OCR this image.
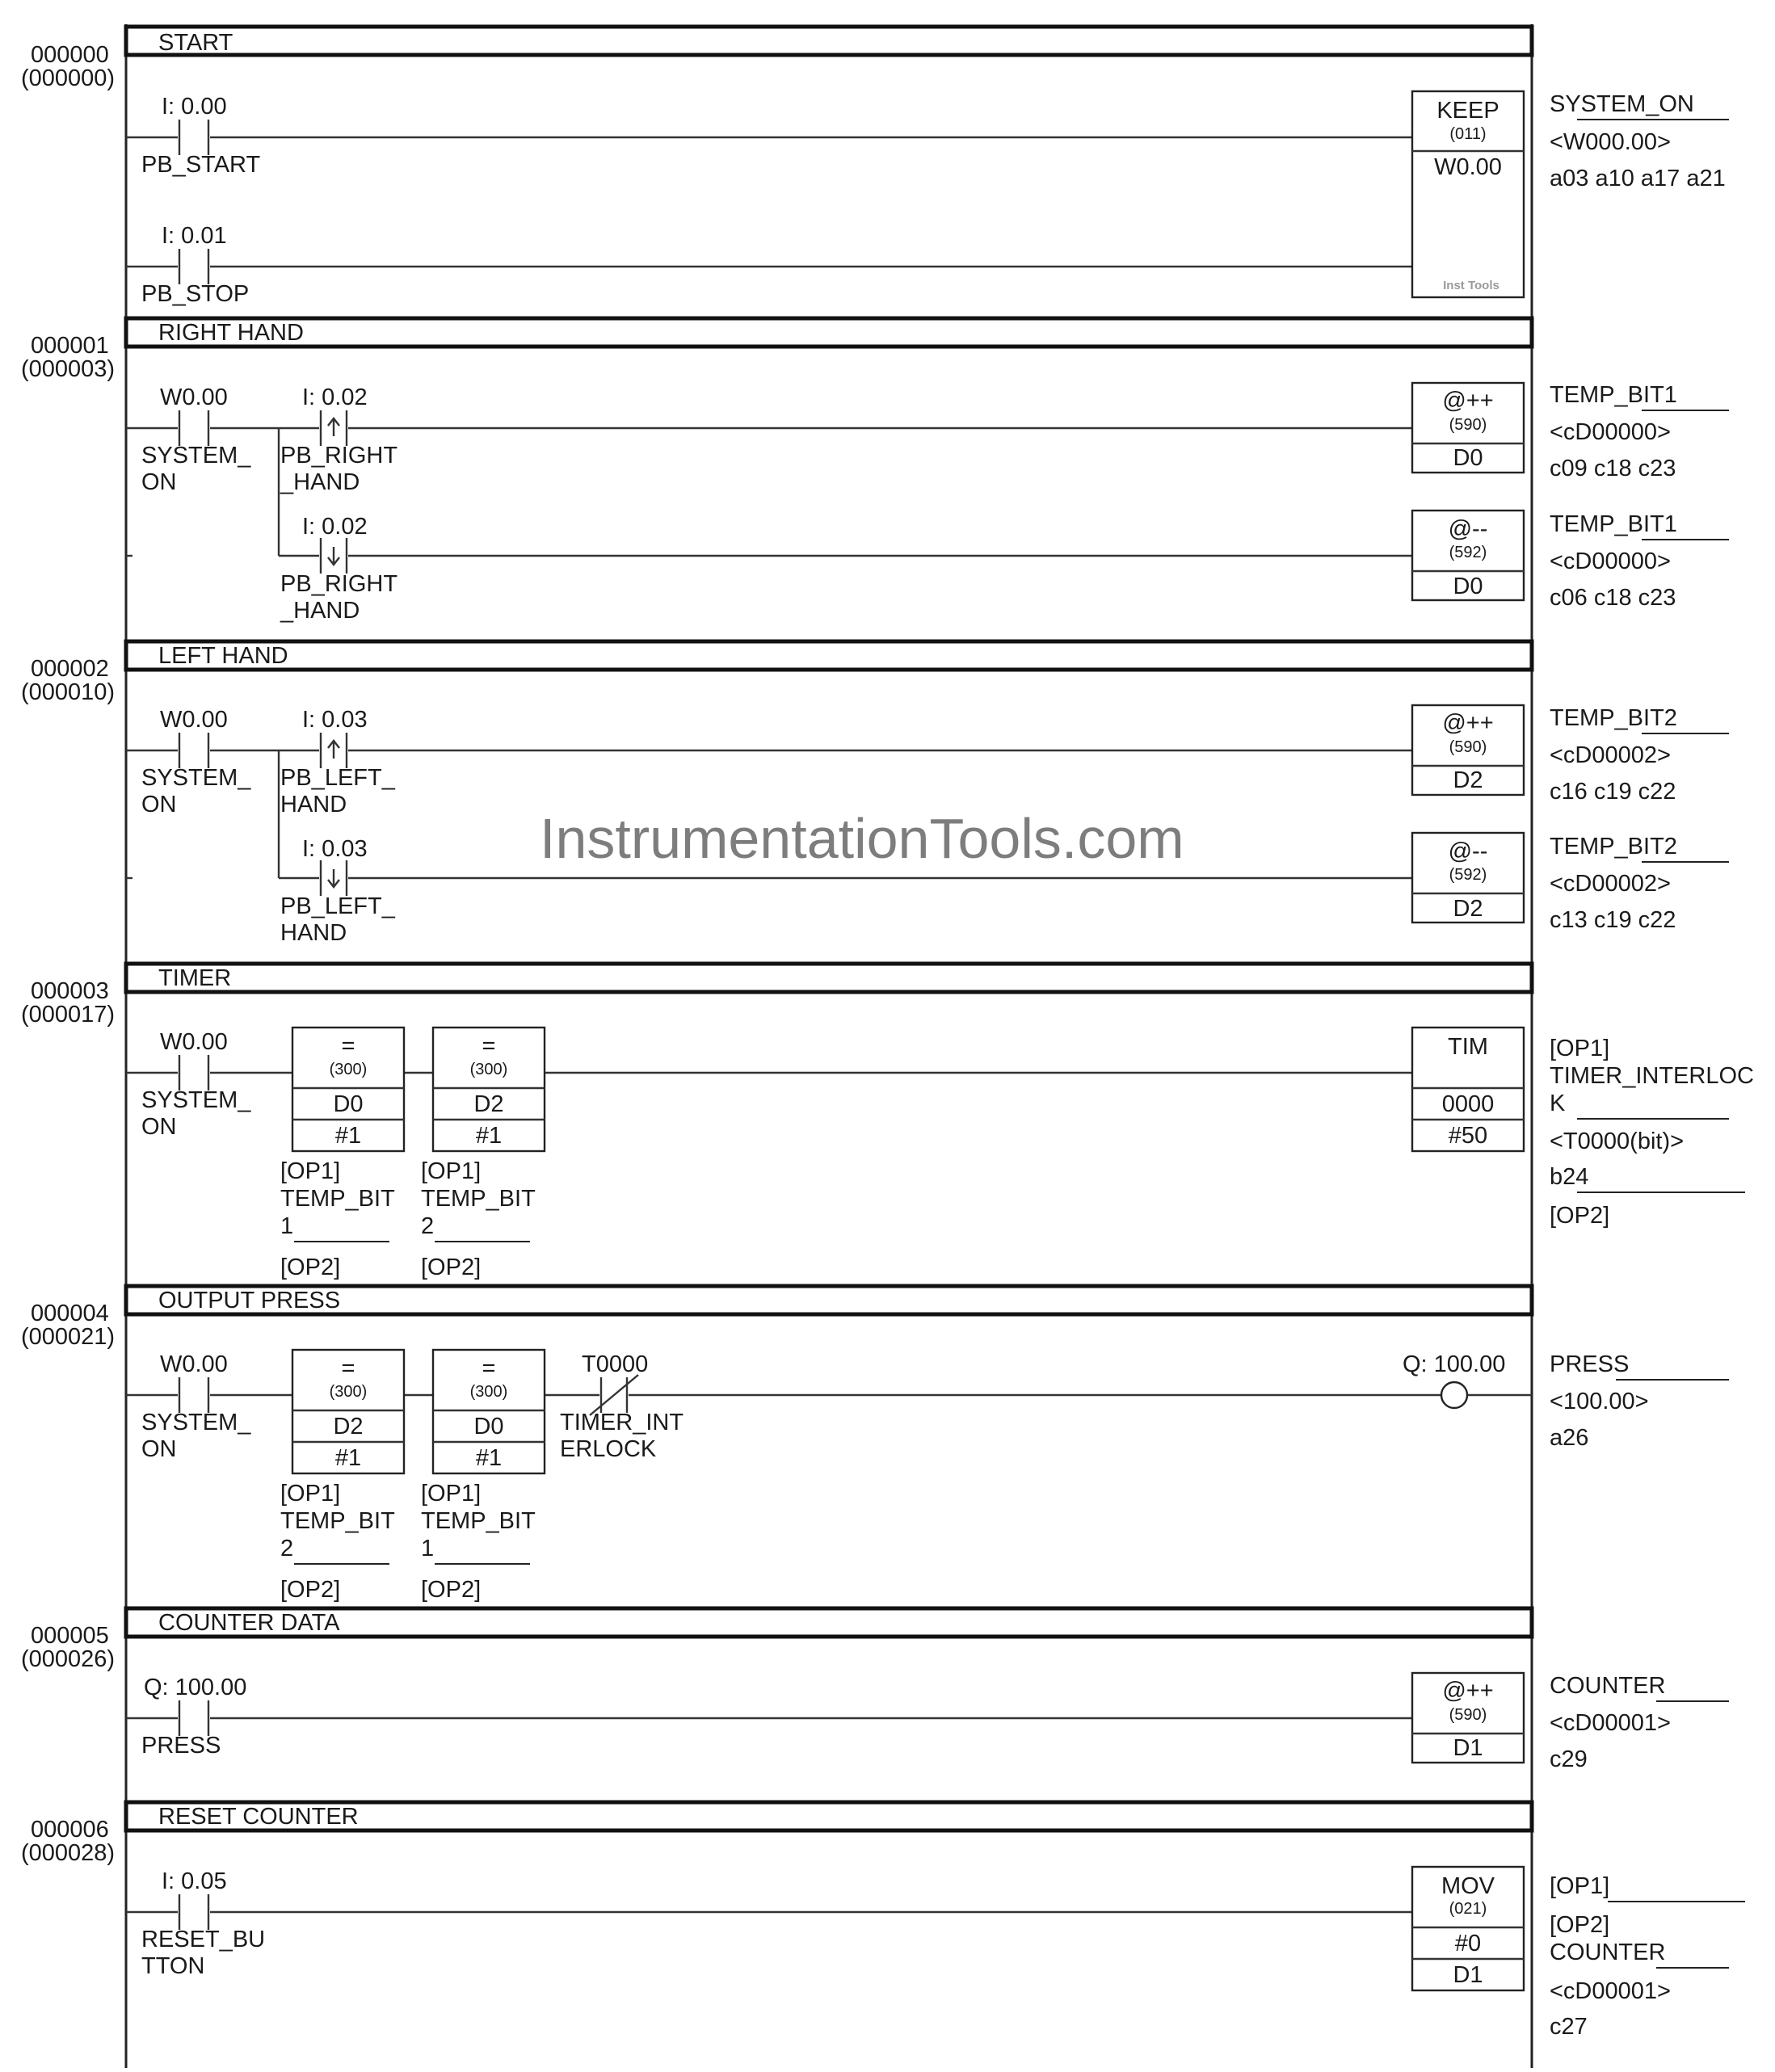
InstrumentationTools.com
000000
(000000)
START
I: 0.00
PB_START
I: 0.01
PB_STOP
KEEP
(011)
W0.00
Inst Tools
SYSTEM_ON
<W000.00>
a03 a10 a17 a21
000001
(000003)
RIGHT HAND
W0.00
SYSTEM_
ON
I: 0.02
PB_RIGHT
_HAND
I: 0.02
PB_RIGHT
_HAND
@++
(590)
D0
TEMP_BIT1
<cD00000>
c09 c18 c23
@--
(592)
D0
TEMP_BIT1
<cD00000>
c06 c18 c23
000002
(000010)
LEFT HAND
W0.00
SYSTEM_
ON
I: 0.03
PB_LEFT_
HAND
I: 0.03
PB_LEFT_
HAND
@++
(590)
D2
TEMP_BIT2
<cD00002>
c16 c19 c22
@--
(592)
D2
TEMP_BIT2
<cD00002>
c13 c19 c22
000003
(000017)
TIMER
W0.00
SYSTEM_
ON
=
(300)
D0
#1
[OP1]
TEMP_BIT
1
[OP2]
=
(300)
D2
#1
[OP1]
TEMP_BIT
2
[OP2]
TIM
0000
#50
[OP1]
TIMER_INTERLOC
K
<T0000(bit)>
b24
[OP2]
000004
(000021)
OUTPUT PRESS
W0.00
SYSTEM_
ON
=
(300)
D2
#1
[OP1]
TEMP_BIT
2
[OP2]
=
(300)
D0
#1
[OP1]
TEMP_BIT
1
[OP2]
T0000
TIMER_INT
ERLOCK
Q: 100.00 PRESS
<100.00>
a26
000005
(000026)
COUNTER DATA
Q: 100.00
PRESS
@++
(590)
D1
COUNTER
<cD00001>
c29
000006
(000028)
RESET COUNTER
I: 0.05
RESET_BU
TTON
MOV
(021)
#0
D1
[OP1]
[OP2]
COUNTER
<cD00001>
c27
